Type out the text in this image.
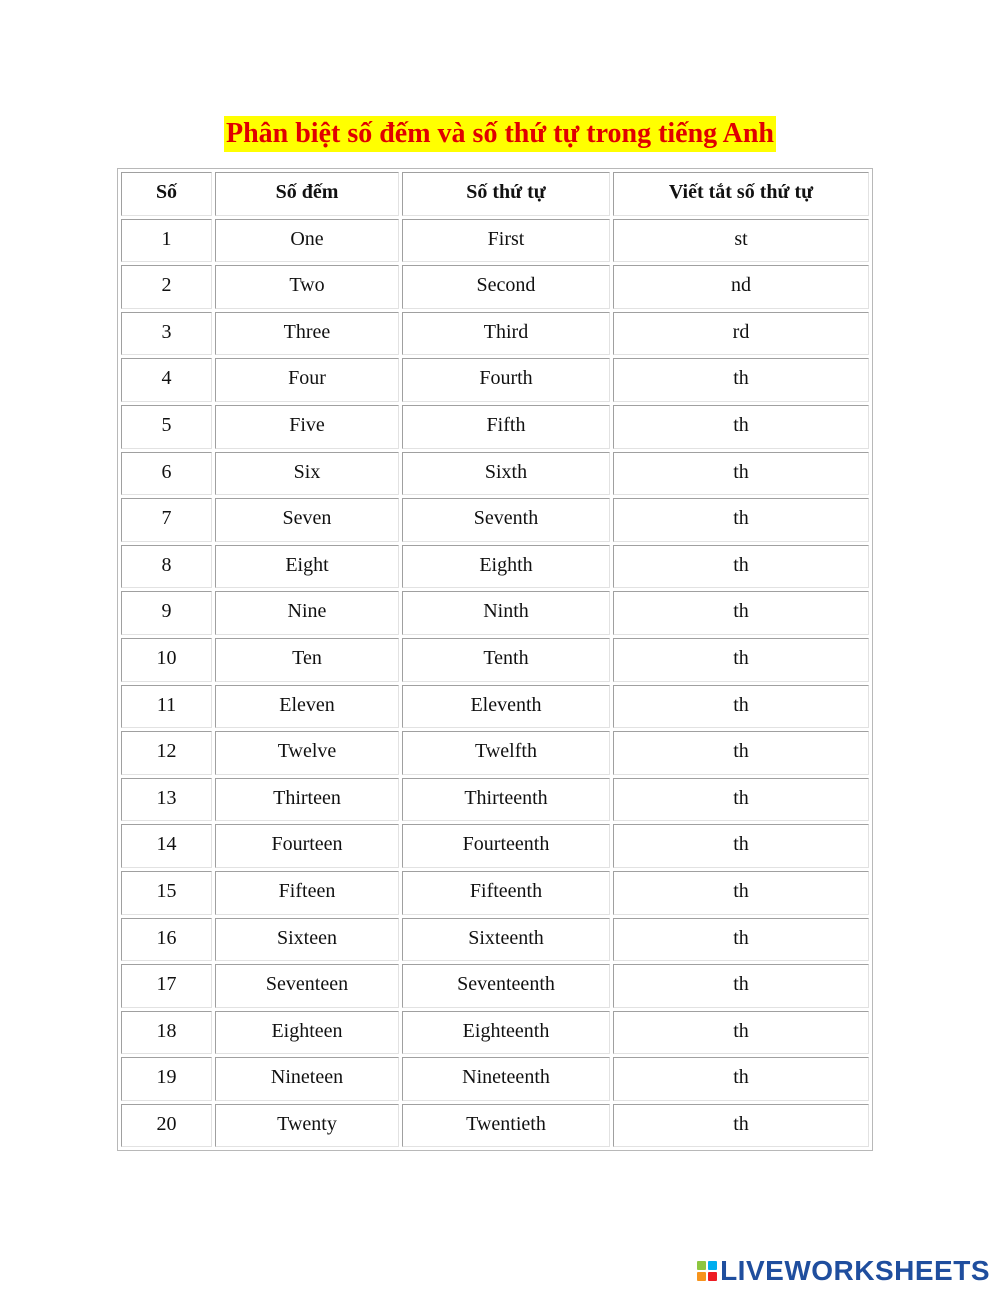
Phân biệt số đếm và số thứ tự trong tiếng Anh
Số	Số đếm	Số thứ tự	Viết tắt số thứ tự
1	One	First	st
2	Two	Second	nd
3	Three	Third	rd
4	Four	Fourth	th
5	Five	Fifth	th
6	Six	Sixth	th
7	Seven	Seventh	th
8	Eight	Eighth	th
9	Nine	Ninth	th
10	Ten	Tenth	th
11	Eleven	Eleventh	th
12	Twelve	Twelfth	th
13	Thirteen	Thirteenth	th
14	Fourteen	Fourteenth	th
15	Fifteen	Fifteenth	th
16	Sixteen	Sixteenth	th
17	Seventeen	Seventeenth	th
18	Eighteen	Eighteenth	th
19	Nineteen	Nineteenth	th
20	Twenty	Twentieth	th
LIVEWORKSHEETS
